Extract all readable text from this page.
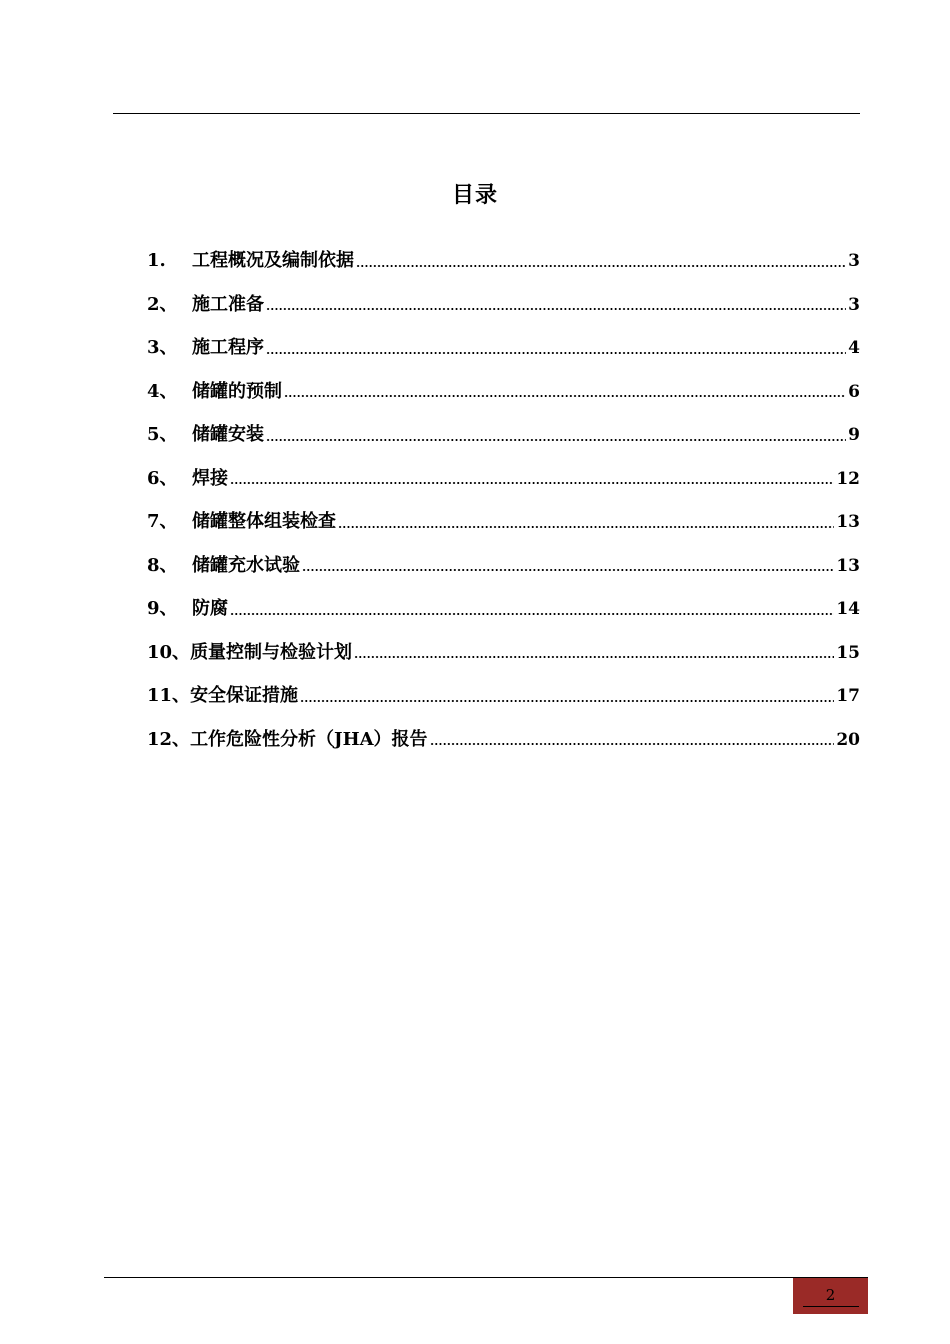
目录
1.	工程概况及编制依据	3
2、 施工准备	3
3、 施工程序	4
4、 储罐的预制	6
5、 储罐安装	9
6、 焊接	12
7、 储罐整体组装检查	13
8、 储罐充水试验	13
9、 防腐	14
10、 质量控制与检验计划	15
11、 安全保证措施	17
12、 工作危险性分析（JHA）报告	20
2
